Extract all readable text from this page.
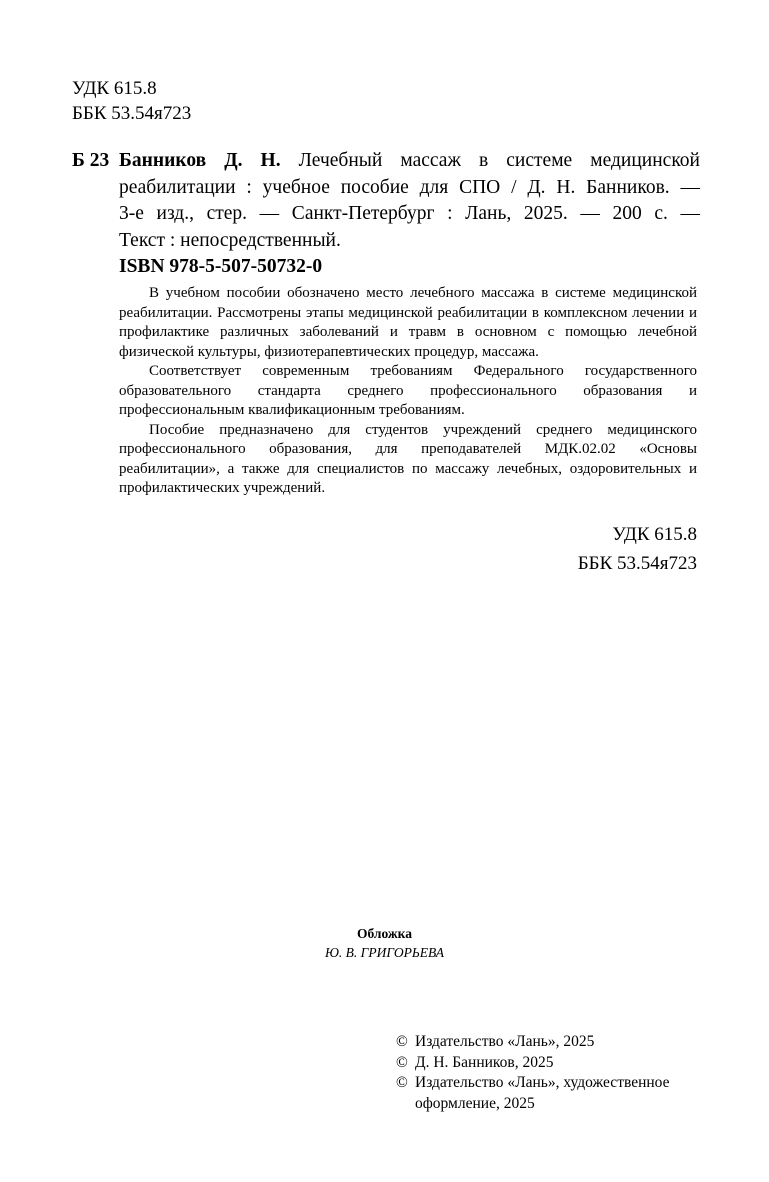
УДК 615.8
ББК 53.54я723
Б 23 Банников Д. Н. Лечебный массаж в системе медицинской
реабилитации : учебное пособие для СПО / Д. Н. Банников. —
3-е изд., стер. — Санкт-Петербург : Лань, 2025. — 200 с. —
Текст : непосредственный.
ISBN 978-5-507-50732-0

В учебном пособии обозначено место лечебного массажа в системе медицинской реабилитации. Рассмотрены этапы медицинской реабилитации в комплексном лечении и профилактике различных заболеваний и травм в основном с помощью лечебной физической культуры, физиотерапевтических процедур, массажа.

Соответствует современным требованиям Федерального государственного образовательного стандарта среднего профессионального образования и профессиональным квалификационным требованиям.

Пособие предназначено для студентов учреждений среднего медицинского профессионального образования, для преподавателей МДК.02.02 «Основы реабилитации», а также для специалистов по массажу лечебных, оздоровительных и профилактических учреждений.

УДК 615.8
ББК 53.54я723
Обложка
Ю. В. ГРИГОРЬЕВА
© Издательство «Лань», 2025
© Д. Н. Банников, 2025
© Издательство «Лань», художественное оформление, 2025
